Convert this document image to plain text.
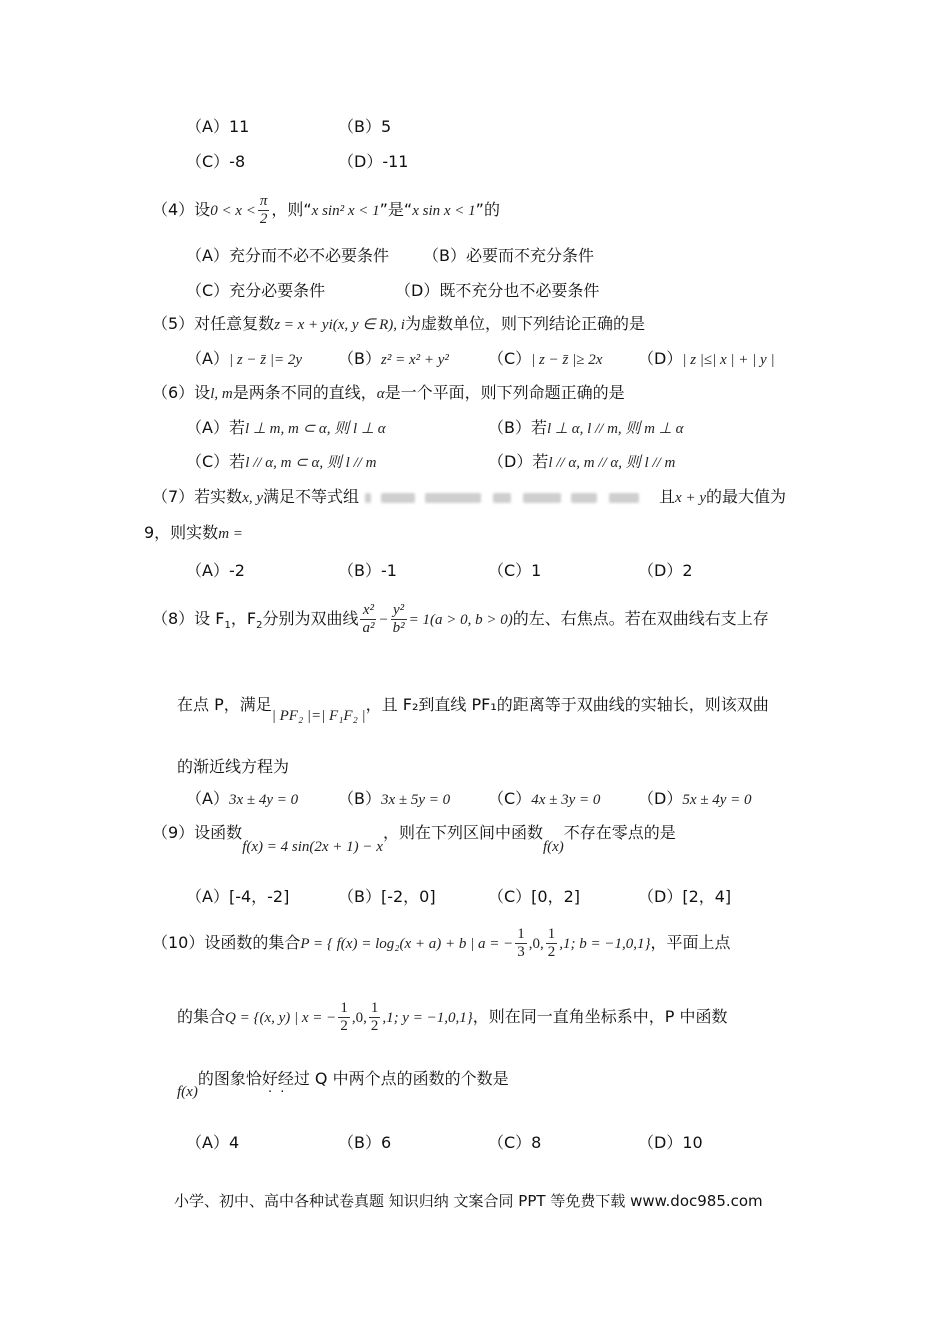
（A）11	（B）5
（C）-8	（D）-11
（4）设$0 < x < \frac{\pi}{2}$ ，则“x sin² x < 1”是“x sin x < 1”的
（A）充分而不必不必要条件 （B）必要而不充分条件
（C）充分必要条件	（D）既不充分也不必要条件
（5）对任意复数z = x + yi(x, y ∈ R), i为虚数单位，则下列结论正确的是
（A）| z − z̄ |= 2y （B）z² = x² + y² （C）| z − z̄ |≥ 2x （D）| z |≤| x | + | y |
（6）设l, m是两条不同的直线，α是一个平面，则下列命题正确的是
（A）若l ⊥ m, m ⊂ α, 则 l ⊥ α	（B）若l ⊥ α, l // m, 则 m ⊥ α
（C）若l // α, m ⊂ α, 则 l // m	（D）若l // α, m // α, 则 l // m
（7）若实数x, y满足不等式组	且x + y的最大值为
9，则实数m =
（A）-2	（B）-1	（C）1	（D）2
（8）设 $F_1$，$F_2$分别为双曲线 $\frac{\text{x²}}{\text{a²}} - \frac{\text{y²}}{\text{b²}} = 1(a > 0$, b > 0)的左、右焦点。若在双曲线右支上存
在点 P，满足| PF₂ |=| F₁F₂ |，且 F₂到直线 PF₁的距离等于双曲线的实轴长，则该双曲
的渐近线方程为
（A）3x ± 4y = 0 （B）3x ± 5y = 0 （C）4x ± 3y = 0 （D）5x ± 4y = 0
（9）设函数f(x) = 4 sin(2x + 1) − x，则在下列区间中函数f(x)不存在零点的是
（A）[-4，-2]	（B）[-2，0]	（C）[0，2]	（D）[2，4]
（10）设函数的集合P = { f(x) = log₂(x + a) + b | a = − $\frac{1}{3} ,0$, $\frac{1}{2} ,1$; b = −1,0,1}，平面上点
的集合Q = {(x, y) | x = − $\frac{1}{2} ,0$, $\frac{1}{2} ,1$; y = −1,0,1}，则在同一直角坐标系中，P 中函数
f(x)的图象恰好经过 Q 中两个点的函数的个数是
· ·
（A）4	（B）6	（C）8	（D）10
小学、初中、高中各种试卷真题 知识归纳 文案合同 PPT 等免费下载 www.doc985.com
